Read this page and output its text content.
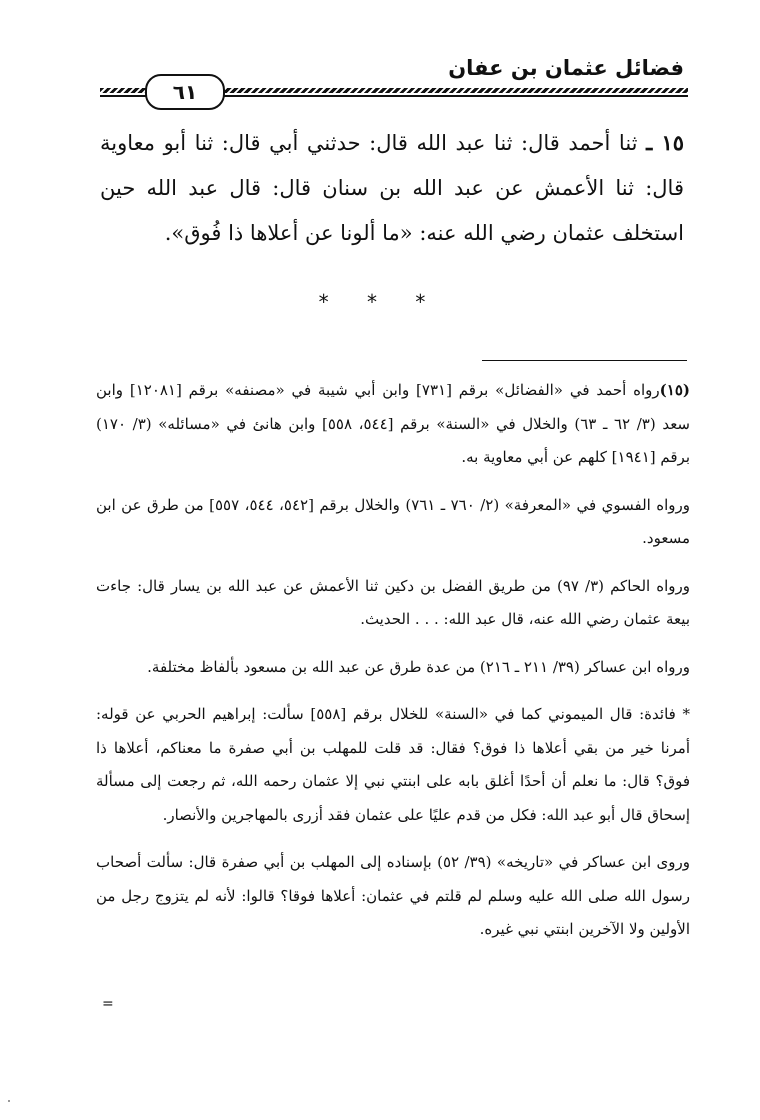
فضائل عثمان بن عفان
٦١
١٥ ـ ثنا أحمد قال: ثنا عبد الله قال: حدثني أبي قال: ثنا أبو معاوية قال: ثنا الأعمش عن عبد الله بن سنان قال: قال عبد الله حين استخلف عثمان رضي الله عنه: «ما ألونا عن أعلاها ذا فُوق».
* * *

(١٥)رواه أحمد في «الفضائل» برقم [٧٣١] وابن أبي شيبة في «مصنفه» برقم [١٢٠٨١] وابن سعد (٣/ ٦٢ ـ ٦٣) والخلال في «السنة» برقم [٥٤٤، ٥٥٨] وابن هانئ في «مسائله» (٣/ ١٧٠) برقم [١٩٤١] كلهم عن أبي معاوية به.

ورواه الفسوي في «المعرفة» (٢/ ٧٦٠ ـ ٧٦١) والخلال برقم [٥٤٢، ٥٤٤، ٥٥٧] من طرق عن ابن مسعود.

ورواه الحاكم (٣/ ٩٧) من طريق الفضل بن دكين ثنا الأعمش عن عبد الله بن يسار قال: جاءت بيعة عثمان رضي الله عنه، قال عبد الله: . . . الحديث.

ورواه ابن عساكر (٣٩/ ٢١١ ـ ٢١٦) من عدة طرق عن عبد الله بن مسعود بألفاظ مختلفة.

* فائدة: قال الميموني كما في «السنة» للخلال برقم [٥٥٨] سألت: إبراهيم الحربي عن قوله: أمرنا خير من بقي أعلاها ذا فوق؟ فقال: قد قلت للمهلب بن أبي صفرة ما معناكم، أعلاها ذا فوق؟ قال: ما نعلم أن أحدًا أغلق بابه على ابنتي نبي إلا عثمان رحمه الله، ثم رجعت إلى مسألة إسحاق قال أبو عبد الله: فكل من قدم عليًا على عثمان فقد أزرى بالمهاجرين والأنصار.

وروى ابن عساكر في «تاريخه» (٣٩/ ٥٢) بإسناده إلى المهلب بن أبي صفرة قال: سألت أصحاب رسول الله صلى الله عليه وسلم لم قلتم في عثمان: أعلاها فوقا؟ قالوا: لأنه لم يتزوج رجل من الأولين ولا الآخرين ابنتي نبي غيره.

=
